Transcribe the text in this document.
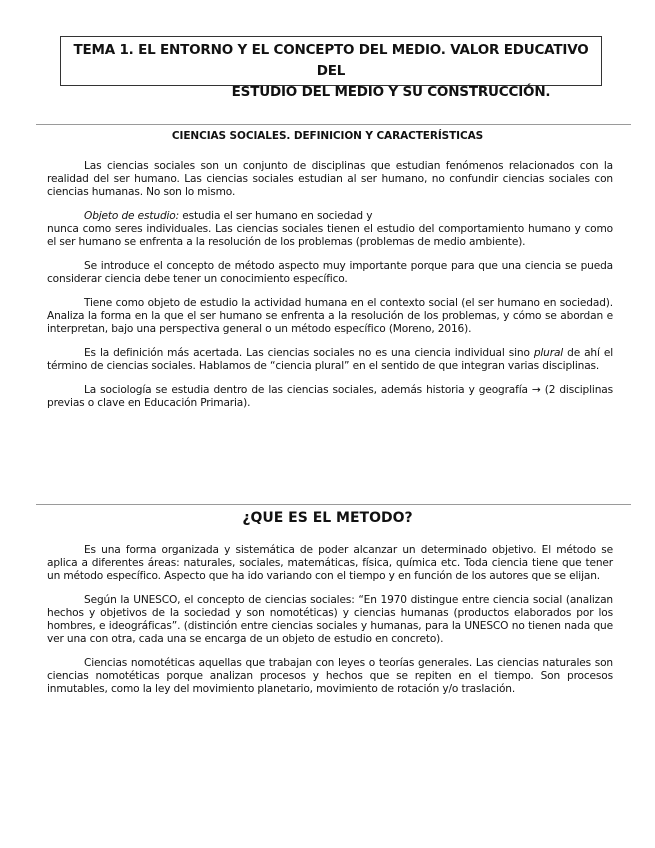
TEMA 1. EL ENTORNO Y EL CONCEPTO DEL MEDIO. VALOR EDUCATIVO DEL
ESTUDIO DEL MEDIO Y SU CONSTRUCCIÓN.
CIENCIAS SOCIALES. DEFINICION Y CARACTERÍSTICAS

Las ciencias sociales son un conjunto de disciplinas que estudian fenómenos relacionados con la realidad del ser humano. Las ciencias sociales estudian al ser humano, no confundir ciencias sociales con ciencias humanas. No son lo mismo.

Objeto de estudio: estudia el ser humano en sociedad y

nunca como seres individuales. Las ciencias sociales tienen el estudio del comportamiento humano y como el ser humano se enfrenta a la resolución de los problemas (problemas de medio ambiente).

Se introduce el concepto de método aspecto muy importante porque para que una ciencia se pueda considerar ciencia debe tener un conocimiento específico.

Tiene como objeto de estudio la actividad humana en el contexto social (el ser humano en sociedad). Analiza la forma en la que el ser humano se enfrenta a la resolución de los problemas, y cómo se abordan e interpretan, bajo una perspectiva general o un método específico (Moreno, 2016).

Es la definición más acertada. Las ciencias sociales no es una ciencia individual sino plural de ahí el término de ciencias sociales. Hablamos de “ciencia plural” en el sentido de que integran varias disciplinas.

La sociología se estudia dentro de las ciencias sociales, además historia y geografía → (2 disciplinas previas o clave en Educación Primaria).

¿QUE ES EL METODO?

Es una forma organizada y sistemática de poder alcanzar un determinado objetivo. El método se aplica a diferentes áreas: naturales, sociales, matemáticas, física, química etc. Toda ciencia tiene que tener un método específico. Aspecto que ha ido variando con el tiempo y en función de los autores que se elijan.

Según la UNESCO, el concepto de ciencias sociales: “En 1970 distingue entre ciencia social (analizan hechos y objetivos de la sociedad y son nomotéticas) y ciencias humanas (productos elaborados por los hombres, e ideográficas”. (distinción entre ciencias sociales y humanas, para la UNESCO no tienen nada que ver una con otra, cada una se encarga de un objeto de estudio en concreto).

Ciencias nomotéticas aquellas que trabajan con leyes o teorías generales. Las ciencias naturales son ciencias nomotéticas porque analizan procesos y hechos que se repiten en el tiempo. Son procesos inmutables, como la ley del movimiento planetario, movimiento de rotación y/o traslación.
